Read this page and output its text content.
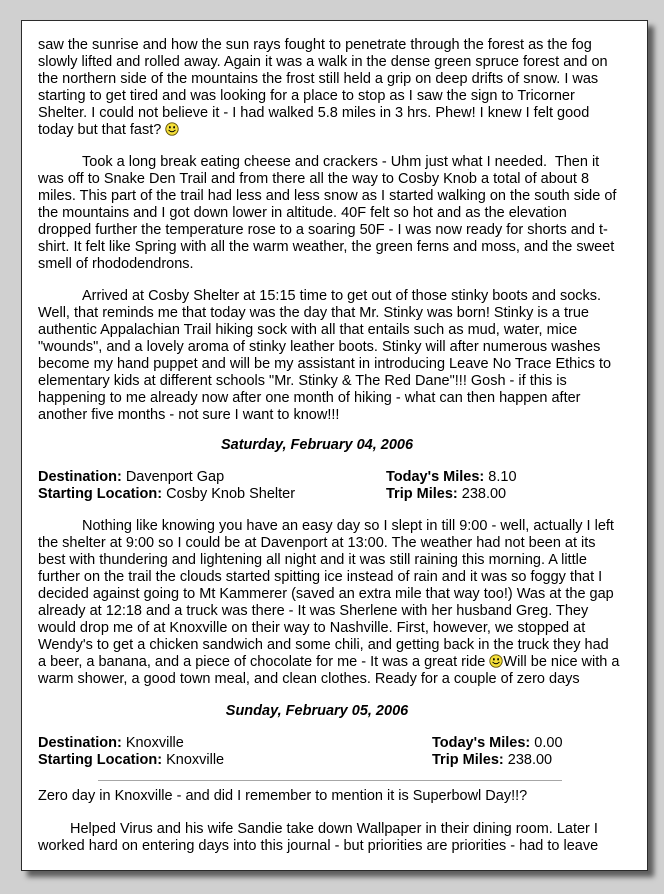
saw the sunrise and how the sun rays fought to penetrate through the forest as the fog
slowly lifted and rolled away. Again it was a walk in the dense green spruce forest and on
the northern side of the mountains the frost still held a grip on deep drifts of snow. I was
starting to get tired and was looking for a place to stop as I saw the sign to Tricorner
Shelter. I could not believe it - I had walked 5.8 miles in 3 hrs. Phew! I knew I felt good
today but that fast?
Took a long break eating cheese and crackers - Uhm just what I needed.  Then it
was off to Snake Den Trail and from there all the way to Cosby Knob a total of about 8
miles. This part of the trail had less and less snow as I started walking on the south side of
the mountains and I got down lower in altitude. 40F felt so hot and as the elevation
dropped further the temperature rose to a soaring 50F - I was now ready for shorts and t-
shirt. It felt like Spring with all the warm weather, the green ferns and moss, and the sweet
smell of rhododendrons.
Arrived at Cosby Shelter at 15:15 time to get out of those stinky boots and socks.
Well, that reminds me that today was the day that Mr. Stinky was born! Stinky is a true
authentic Appalachian Trail hiking sock with all that entails such as mud, water, mice
"wounds", and a lovely aroma of stinky leather boots. Stinky will after numerous washes
become my hand puppet and will be my assistant in introducing Leave No Trace Ethics to
elementary kids at different schools "Mr. Stinky & The Red Dane"!!! Gosh - if this is
happening to me already now after one month of hiking - what can then happen after
another five months - not sure I want to know!!!
Saturday, February 04, 2006
Destination: Davenport Gap	Today's Miles: 8.10
Starting Location: Cosby Knob Shelter	Trip Miles: 238.00
Nothing like knowing you have an easy day so I slept in till 9:00 - well, actually I left
the shelter at 9:00 so I could be at Davenport at 13:00. The weather had not been at its
best with thundering and lightening all night and it was still raining this morning. A little
further on the trail the clouds started spitting ice instead of rain and it was so foggy that I
decided against going to Mt Kammerer (saved an extra mile that way too!) Was at the gap
already at 12:18 and a truck was there - It was Sherlene with her husband Greg. They
would drop me of at Knoxville on their way to Nashville. First, however, we stopped at
Wendy's to get a chicken sandwich and some chili, and getting back in the truck they had
a beer, a banana, and a piece of chocolate for me - It was a great ride Will be nice with a
warm shower, a good town meal, and clean clothes. Ready for a couple of zero days
Sunday, February 05, 2006
Destination: Knoxville	Today's Miles: 0.00
Starting Location: Knoxville	Trip Miles: 238.00
Zero day in Knoxville - and did I remember to mention it is Superbowl Day!!?
Helped Virus and his wife Sandie take down Wallpaper in their dining room. Later I
worked hard on entering days into this journal - but priorities are priorities - had to leave
